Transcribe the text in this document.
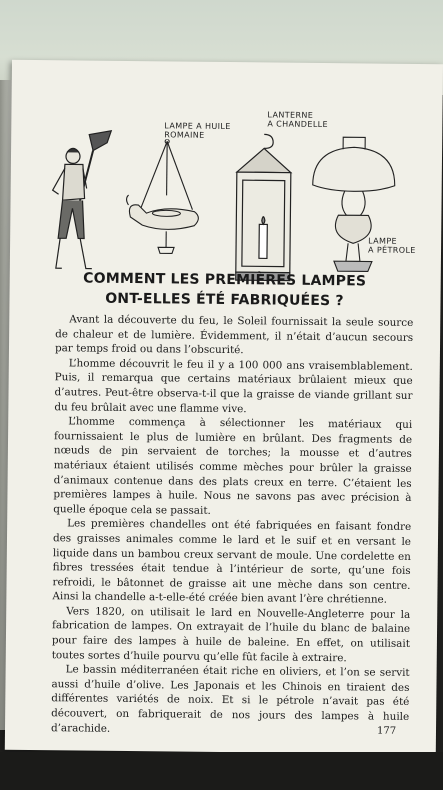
LAMPE A HUILE
ROMAINE
LANTERNE
A CHANDELLE
LAMPE
A PÉTROLE
COMMENT LES PREMIÈRES LAMPES
ONT-ELLES ÉTÉ FABRIQUÉES ?

Avant la découverte du feu, le Soleil fournissait la seule source de chaleur et de lumière. Évidemment, il n’était d’aucun secours par temps froid ou dans l’obscurité.

L’homme découvrit le feu il y a 100 000 ans vraisemblablement. Puis, il remarqua que certains matériaux brûlaient mieux que d’autres. Peut-être observa-t-il que la graisse de viande grillant sur du feu brûlait avec une flamme vive.

L’homme commença à sélectionner les matériaux qui fournissaient le plus de lumière en brûlant. Des fragments de nœuds de pin servaient de torches; la mousse et d’autres matériaux étaient utilisés comme mèches pour brûler la graisse d’animaux contenue dans des plats creux en terre. C’étaient les premières lampes à huile. Nous ne savons pas avec précision à quelle époque cela se passait.

Les premières chandelles ont été fabriquées en faisant fondre des graisses animales comme le lard et le suif et en versant le liquide dans un bambou creux servant de moule. Une cordelette en fibres tressées était tendue à l’intérieur de sorte, qu’une fois refroidi, le bâtonnet de graisse ait une mèche dans son centre. Ainsi la chandelle a-t-elle-été créée bien avant l’ère chrétienne.

Vers 1820, on utilisait le lard en Nouvelle-Angleterre pour la fabrication de lampes. On extrayait de l’huile du blanc de balaine pour faire des lampes à huile de baleine. En effet, on utilisait toutes sortes d’huile pourvu qu’elle fût facile à extraire.

Le bassin méditerranéen était riche en oliviers, et l’on se servit aussi d’huile d’olive. Les Japonais et les Chinois en tiraient des différentes variétés de noix. Et si le pétrole n’avait pas été découvert, on fabriquerait de nos jours des lampes à huile d’arachide.	177
